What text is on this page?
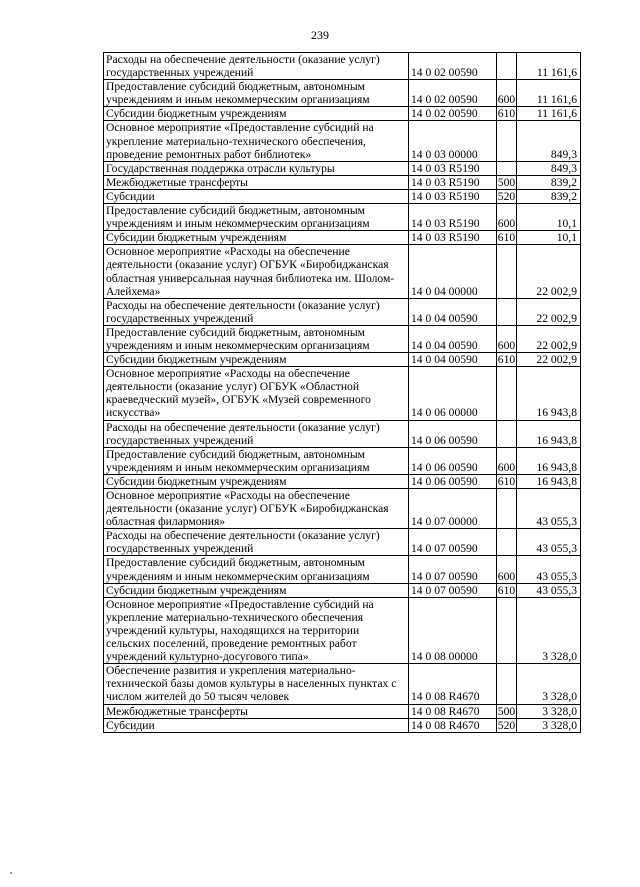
239
Расходы на обеспечение деятельности (оказание услуг) государственных учреждений	14 0 02 00590		11 161,6
Предоставление субсидий бюджетным, автономным учреждениям и иным некоммерческим организациям	14 0 02 00590	600	11 161,6
Субсидии бюджетным учреждениям	14 0 02 00590	610	11 161,6
Основное мероприятие «Предоставление субсидий на укрепление материально-технического обеспечения, проведение ремонтных работ библиотек»	14 0 03 00000		849,3
Государственная поддержка отрасли культуры	14 0 03 R5190		849,3
Межбюджетные трансферты	14 0 03 R5190	500	839,2
Субсидии	14 0 03 R5190	520	839,2
Предоставление субсидий бюджетным, автономным учреждениям и иным некоммерческим организациям	14 0 03 R5190	600	10,1
Субсидии бюджетным учреждениям	14 0 03 R5190	610	10,1
Основное мероприятие «Расходы на обеспечение деятельности (оказание услуг) ОГБУК «Биробиджанская областная универсальная научная библиотека им. Шолом-Алейхема»	14 0 04 00000		22 002,9
Расходы на обеспечение деятельности (оказание услуг) государственных учреждений	14 0 04 00590		22 002,9
Предоставление субсидий бюджетным, автономным учреждениям и иным некоммерческим организациям	14 0 04 00590	600	22 002,9
Субсидии бюджетным учреждениям	14 0 04 00590	610	22 002,9
Основное мероприятие «Расходы на обеспечение деятельности (оказание услуг) ОГБУК «Областной краеведческий музей», ОГБУК «Музей современного искусства»	14 0 06 00000		16 943,8
Расходы на обеспечение деятельности (оказание услуг) государственных учреждений	14 0 06 00590		16 943,8
Предоставление субсидий бюджетным, автономным учреждениям и иным некоммерческим организациям	14 0 06 00590	600	16 943,8
Субсидии бюджетным учреждениям	14 0 06 00590	610	16 943,8
Основное мероприятие «Расходы на обеспечение деятельности (оказание услуг) ОГБУК «Биробиджанская областная филармония»	14 0 07 00000		43 055,3
Расходы на обеспечение деятельности (оказание услуг) государственных учреждений	14 0 07 00590		43 055,3
Предоставление субсидий бюджетным, автономным учреждениям и иным некоммерческим организациям	14 0 07 00590	600	43 055,3
Субсидии бюджетным учреждениям	14 0 07 00590	610	43 055,3
Основное мероприятие «Предоставление субсидий на укрепление материально-технического обеспечения учреждений культуры, находящихся на территории сельских поселений, проведение ремонтных работ учреждений культурно-досугового типа»	14 0 08 00000		3 328,0
Обеспечение развития и укрепления материально-технической базы домов культуры в населенных пунктах с числом жителей до 50 тысяч человек	14 0 08 R4670		3 328,0
Межбюджетные трансферты	14 0 08 R4670	500	3 328,0
Субсидии	14 0 08 R4670	520	3 328,0
